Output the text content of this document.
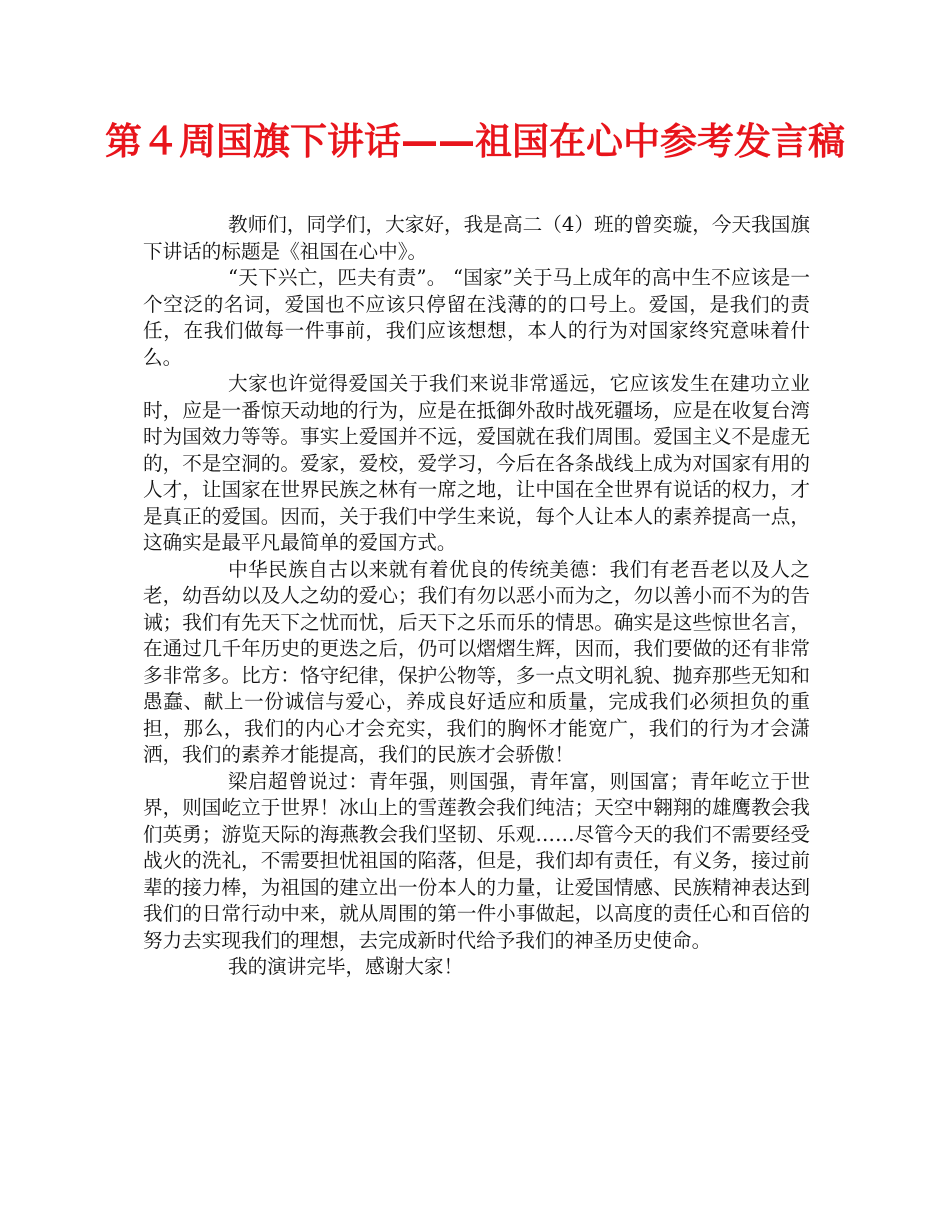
第４周国旗下讲话——祖国在心中参考发言稿

教师们，同学们，大家好，我是高二（4）班的曾奕璇，今天我国旗下讲话的标题是《祖国在心中》。

“天下兴亡，匹夫有责”。 “国家”关于马上成年的高中生不应该是一个空泛的名词，爱国也不应该只停留在浅薄的的口号上。爱国，是我们的责任，在我们做每一件事前，我们应该想想，本人的行为对国家终究意味着什么。

大家也许觉得爱国关于我们来说非常遥远，它应该发生在建功立业时，应是一番惊天动地的行为，应是在抵御外敌时战死疆场，应是在收复台湾时为国效力等等。事实上爱国并不远，爱国就在我们周围。爱国主义不是虚无的，不是空洞的。爱家，爱校，爱学习，今后在各条战线上成为对国家有用的人才，让国家在世界民族之林有一席之地，让中国在全世界有说话的权力，才是真正的爱国。因而，关于我们中学生来说，每个人让本人的素养提高一点，这确实是最平凡最简单的爱国方式。

中华民族自古以来就有着优良的传统美德：我们有老吾老以及人之老，幼吾幼以及人之幼的爱心；我们有勿以恶小而为之，勿以善小而不为的告诫；我们有先天下之忧而忧，后天下之乐而乐的情思。确实是这些惊世名言，在通过几千年历史的更迭之后，仍可以熠熠生辉，因而，我们要做的还有非常多非常多。比方：恪守纪律，保护公物等，多一点文明礼貌、抛弃那些无知和愚蠢、献上一份诚信与爱心，养成良好适应和质量，完成我们必须担负的重担，那么，我们的内心才会充实，我们的胸怀才能宽广，我们的行为才会潇洒，我们的素养才能提高，我们的民族才会骄傲！

梁启超曾说过：青年强，则国强，青年富，则国富；青年屹立于世界，则国屹立于世界！冰山上的雪莲教会我们纯洁；天空中翱翔的雄鹰教会我们英勇；游览天际的海燕教会我们坚韧、乐观……尽管今天的我们不需要经受战火的洗礼，不需要担忧祖国的陷落，但是，我们却有责任，有义务，接过前辈的接力棒，为祖国的建立出一份本人的力量，让爱国情感、民族精神表达到我们的日常行动中来，就从周围的第一件小事做起，以高度的责任心和百倍的努力去实现我们的理想，去完成新时代给予我们的神圣历史使命。

我的演讲完毕，感谢大家！
